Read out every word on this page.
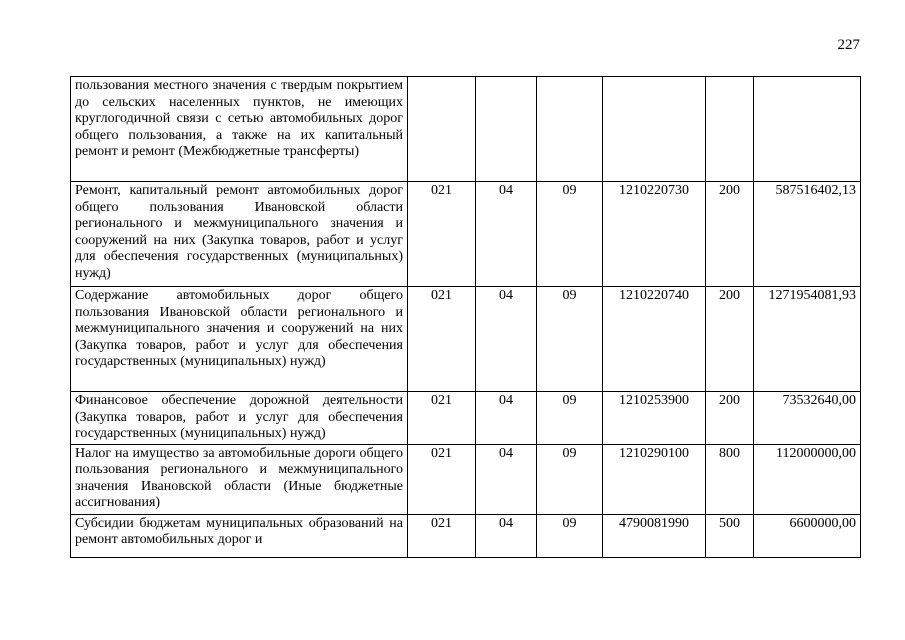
227
пользования местного значения с твердым покрытием до сельских населенных пунктов, не имеющих круглогодичной связи с сетью автомобильных дорог общего пользования, а также на их капитальный ремонт и ремонт (Межбюджетные трансферты)						
Ремонт, капитальный ремонт автомобильных дорог общего пользования Ивановской области регионального и межмуниципального значения и сооружений на них (Закупка товаров, работ и услуг для обеспечения государственных (муниципальных) нужд)	021	04	09	1210220730	200	587516402,13
Содержание автомобильных дорог общего пользования Ивановской области регионального и межмуниципального значения и сооружений на них (Закупка товаров, работ и услуг для обеспечения государственных (муниципальных) нужд)	021	04	09	1210220740	200	1271954081,93
Финансовое обеспечение дорожной деятельности (Закупка товаров, работ и услуг для обеспечения государственных (муниципальных) нужд)	021	04	09	1210253900	200	73532640,00
Налог на имущество за автомобильные дороги общего пользования регионального и межмуниципального значения Ивановской области (Иные бюджетные ассигнования)	021	04	09	1210290100	800	112000000,00
Субсидии бюджетам муниципальных образований на ремонт автомобильных дорог и	021	04	09	4790081990	500	6600000,00
